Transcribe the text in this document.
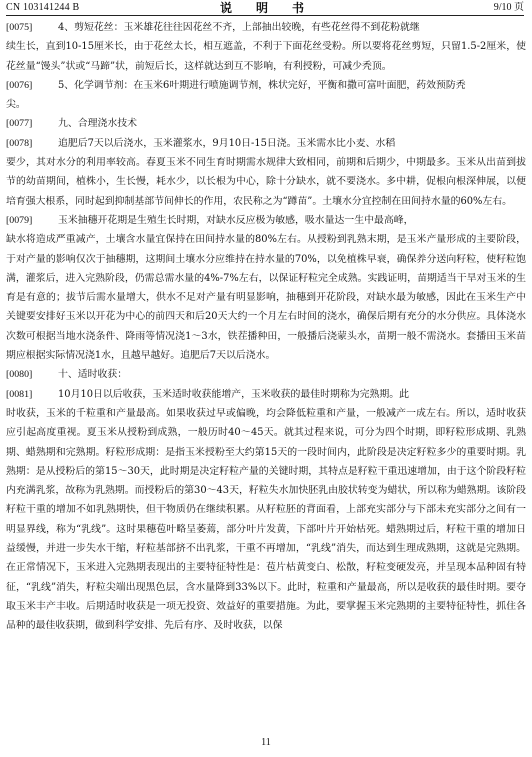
CN 103141244 B	说　明　书	9/10 页
[0075]	4、剪短花丝：玉米雄花往往因花丝不齐，上部抽出较晚，有些花丝得不到花粉就继
续生长，直到10-15厘米长，由于花丝太长，相互遮盖，不利于下面花丝受粉。所以要将花丝剪短，只留1.5-2厘米，使花丝量“馒头”状或“马蹄”状，前短后长，这样就达到互不影响，有利授粉，可减少秃顶。
[0076]	5、化学调节剂：在玉米6叶期进行喷施调节剂，株状完好，平衡和撒可富叶面肥，药效预防秃
尖。
[0077]	九、合理浇水技术
[0078]	追肥后7天以后浇水，玉米灌浆水，9月10日-15日浇。玉米需水比小麦、水稻
要少，其对水分的利用率较高。春夏玉米不同生育时期需水规律大致相同，前期和后期少，中期最多。玉米从出苗到拔节的幼苗期间，植株小，生长慢，耗水少，以长根为中心，除十分缺水，就不要浇水。多中耕，促根向根深伸展，以便培育强大根系，同时起到抑制基部节间伸长的作用，农民称之为“蹲苗”。土壤水分宜控制在田间持水量的60%左右。
[0079]	玉米抽穗开花期是生殖生长时期，对缺水反应极为敏感，吸水量达一生中最高峰，
缺水将造成严重减产，土壤含水量宜保持在田间持水量的80%左右。从授粉到乳熟末期，是玉米产量形成的主要阶段，于对产量的影响仅次于抽穗期，这期间土壤水分应维持在持水量的70%，以免植株早衰，确保养分送向籽粒，使籽粒饱满，灌浆后，进入完熟阶段，仍需总需水量的4%-7%左右，以保证籽粒完全成熟。实践证明，苗期适当干旱对玉米的生育是有意的；拔节后需水量增大，供水不足对产量有明显影响，抽穗到开花阶段，对缺水最为敏感，因此在玉米生产中关键要安排好玉米以开花为中心的前四天和后20天大约一个月左右时间的浇水，确保后期有充分的水分供应。具体浇水次数可根据当地水浇条件、降雨等情况浇1～3水，铁茬播种田，一般播后浇蒙头水，苗期一般不需浇水。套播田玉米苗期应根据实际情况浇1水，且越早越好。追肥后7天以后浇水。
[0080]	十、适时收获：
[0081]	10月10日以后收获，玉米适时收获能增产，玉米收获的最佳时期称为完熟期。此
时收获，玉米的千粒重和产量最高。如果收获过早或偏晚，均会降低粒重和产量，一般减产一成左右。所以，适时收获应引起高度重视。夏玉米从授粉到成熟，一般历时40～45天。就其过程来说，可分为四个时期，即籽粒形成期、乳熟期、蜡熟期和完熟期。籽粒形成期：是指玉米授粉至大约第15天的一段时间内，此阶段是决定籽粒多少的重要时期。乳熟期：是从授粉后的第15～30天，此时期是决定籽粒产量的关键时期，其特点是籽粒干重迅速增加，由于这个阶段籽粒内充满乳浆，故称为乳熟期。而授粉后的第30～43天，籽粒失水加快胚乳由胶状转变为蜡状，所以称为蜡熟期。该阶段籽粒干重的增加不如乳熟期快，但干物质仍在继续积累。从籽粒胚的背面看，上部充实部分与下部未充实部分之间有一明显界线，称为“乳线”。这时果穗苞叶略呈萎蔫，部分叶片发黄，下部叶片开始枯死。蜡熟期过后，籽粒干重的增加日益缓慢，并进一步失水干缩，籽粒基部挤不出乳浆，干重不再增加，“乳线”消失，而达到生理成熟期，这就是完熟期。在正常情况下，玉米进入完熟期表现出的主要特征特性是：苞片枯黄变白、松散，籽粒变硬发亮，并呈现本品种固有特征，“乳线”消失，籽粒尖端出现黑色层，含水量降到33%以下。此时，粒重和产量最高，所以是收获的最佳时期。要夺取玉米丰产丰收。后期适时收获是一项无投资、效益好的重要措施。为此，要掌握玉米完熟期的主要特征特性，抓住各品种的最佳收获期，做到科学安排、先后有序、及时收获，以保
11
